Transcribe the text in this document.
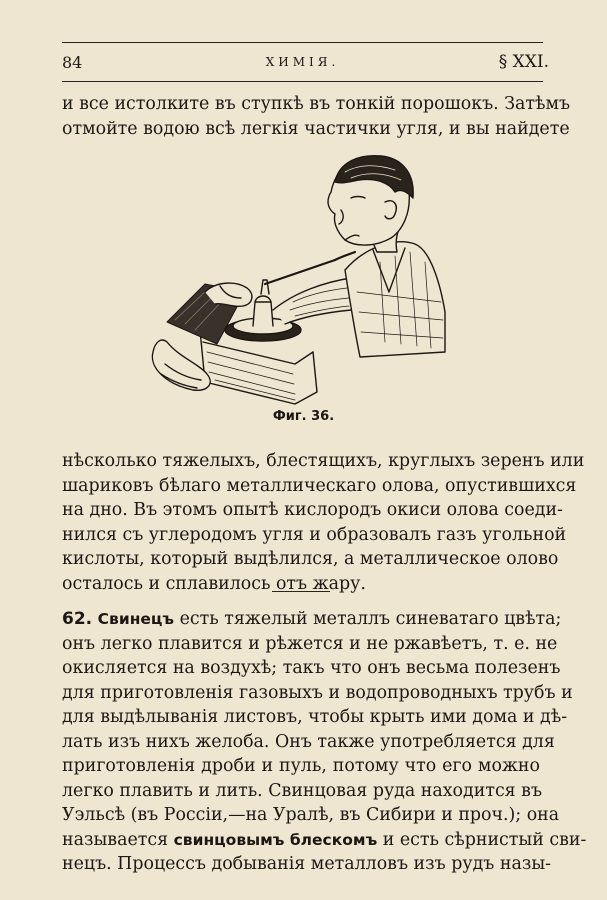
84	ХИМІЯ.	§ XXI.

и все истолките въ ступкѣ въ тонкій порошокъ. Затѣмъ
отмойте водою всѣ легкія частички угля, и вы найдете

Фиг. 36.

нѣсколько тяжелыхъ, блестящихъ, круглыхъ зеренъ или
шариковъ бѣлаго металлическаго олова, опустившихся
на дно. Въ этомъ опытѣ кислородъ окиси олова соеди-
нился съ углеродомъ угля и образовалъ газъ угольной
кислоты, который выдѣлился, а металлическое олово
осталось и сплавилось отъ жару.

62. Свинецъ есть тяжелый металлъ синеватаго цвѣта;
онъ легко плавится и рѣжется и не ржавѣетъ, т. е. не
окисляется на воздухѣ; такъ что онъ весьма полезенъ
для приготовленія газовыхъ и водопроводныхъ трубъ и
для выдѣлыванія листовъ, чтобы крыть ими дома и дѣ-
лать изъ нихъ желоба. Онъ также употребляется для
приготовленія дроби и пуль, потому что его можно
легко плавить и лить. Свинцовая руда находится въ
Уэльсѣ (въ Россіи,—на Уралѣ, въ Сибири и проч.); она
называется свинцовымъ блескомъ и есть сѣрнистый сви-
нецъ. Процессъ добыванія металловъ изъ рудъ назы-
